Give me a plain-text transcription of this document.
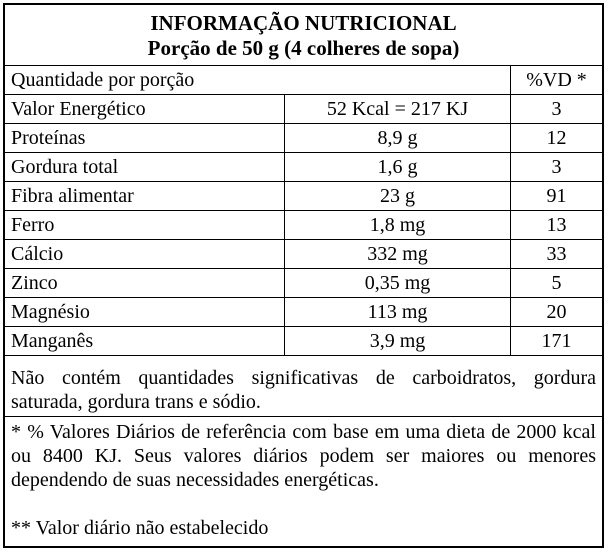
INFORMAÇÃO NUTRICIONAL
Porção de 50 g (4 colheres de sopa)
Quantidade por porção		%VD *
Valor Energético	52 Kcal = 217 KJ	3
Proteínas	8,9 g	12
Gordura total	1,6 g	3
Fibra alimentar	23 g	91
Ferro	1,8 mg	13
Cálcio	332 mg	33
Zinco	0,35 mg	5
Magnésio	113 mg	20
Manganês	3,9 mg	171
Não contém quantidades significativas de carboidratos, gordura saturada, gordura trans e sódio.
* % Valores Diários de referência com base em uma dieta de 2000 kcal ou 8400 KJ. Seus valores diários podem ser maiores ou menores dependendo de suas necessidades energéticas.
** Valor diário não estabelecido
